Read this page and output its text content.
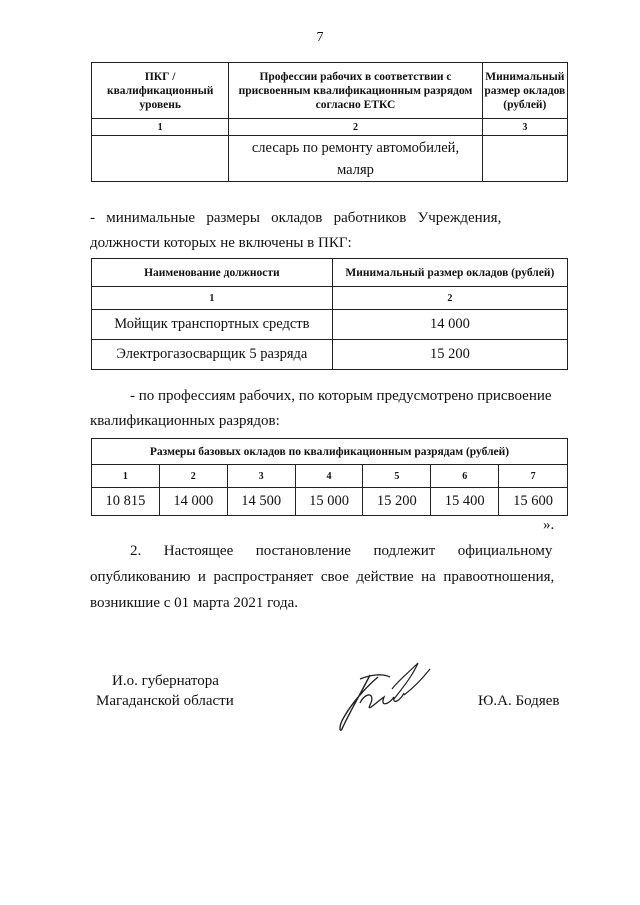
7
ПКГ / квалификационный уровень	Профессии рабочих в соответствии с присвоенным квалификационным разрядом согласно ЕТКС	Минимальный размер окладов (рублей)
1	2	3
	слесарь по ремонту автомобилей, маляр	
-   минимальные   размеры   окладов   работников   Учреждения,
должности которых не включены в ПКГ:
Наименование должности	Минимальный размер окладов (рублей)
1	2
Мойщик транспортных средств	14 000
Электрогазосварщик 5 разряда	15 200
- по профессиям рабочих, по которым предусмотрено присвоение
квалификационных разрядов:
Размеры базовых окладов по квалификационным разрядам (рублей)						
1	2	3	4	5	6	7
10 815	14 000	14 500	15 000	15 200	15 400	15 600
».
2.      Настоящее      постановление      подлежит      официальному
опубликованию  и  распространяет  свое  действие  на  правоотношения,
возникшие с 01 марта 2021 года.
И.о. губернатора
Магаданской области	Ю.А. Бодяев
